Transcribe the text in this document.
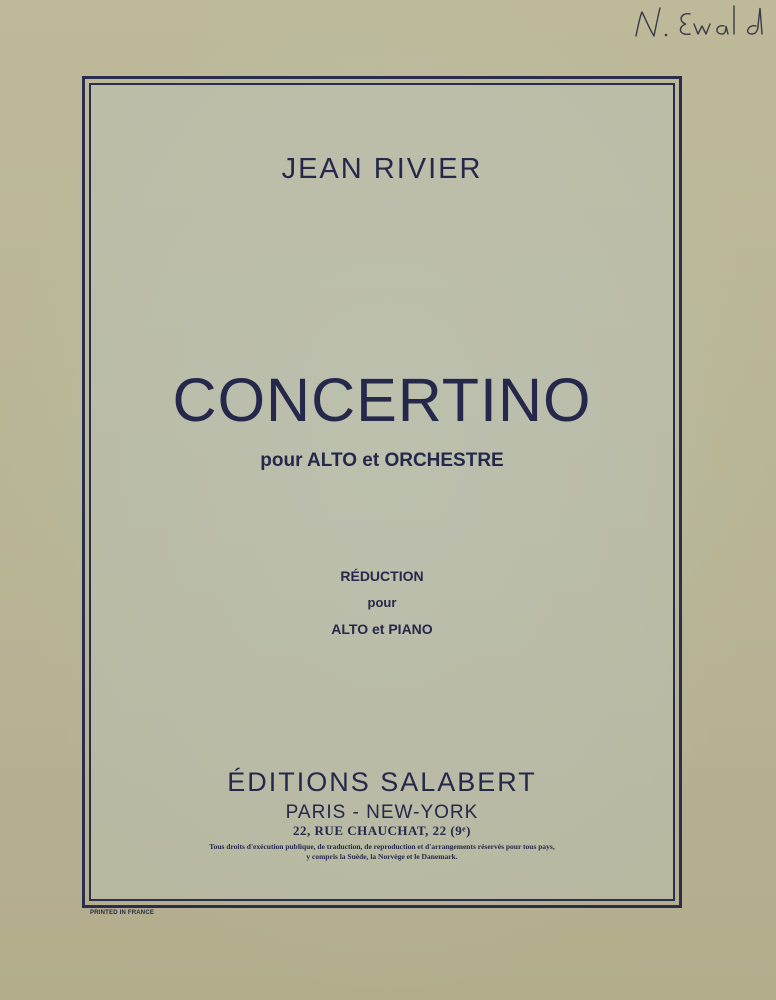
JEAN RIVIER
CONCERTINO
pour ALTO et ORCHESTRE
RÉDUCTION
pour
ALTO et PIANO
ÉDITIONS SALABERT
PARIS - NEW-YORK
22, RUE CHAUCHAT, 22 (9ᵉ)
Tous droits d'exécution publique, de traduction, de reproduction et d'arrangements réservés pour tous pays,
y compris la Suède, la Norvège et le Danemark.
PRINTED IN FRANCE
